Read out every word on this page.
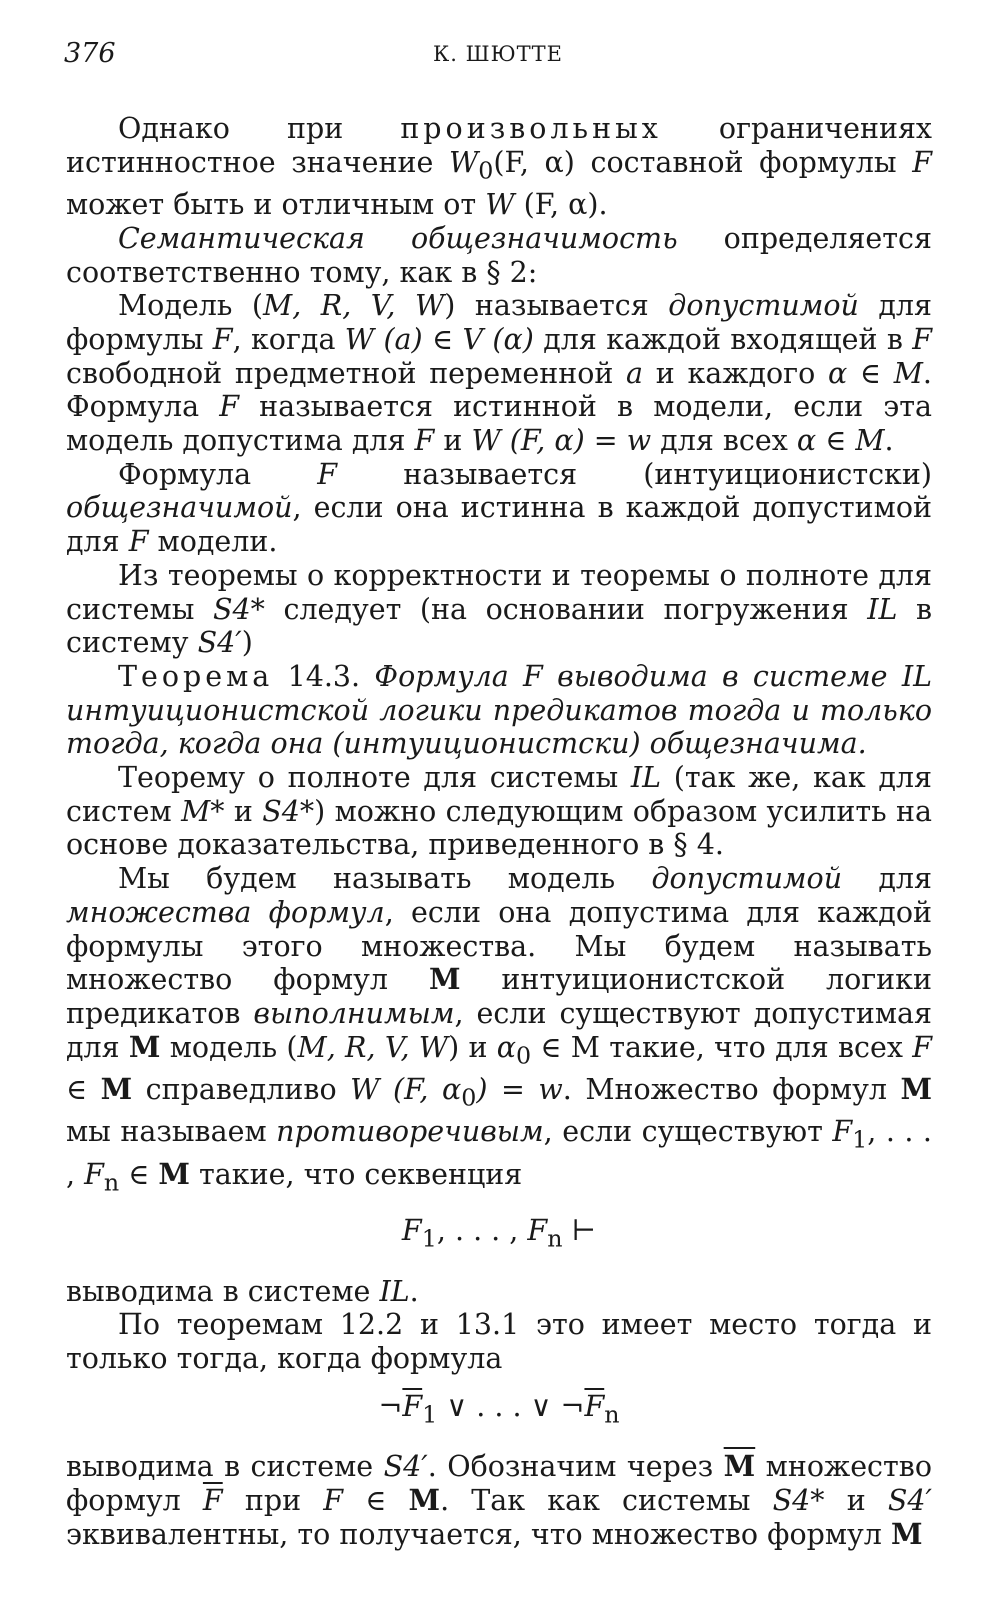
376	К. ШЮТТЕ

Однако при произвольных ограничениях истинностное значение $W_0(F$, α) составной формулы F может быть и отличным от W (F, α).

Семантическая общезначимость определяется соответственно тому, как в § 2:

Модель (M, R, V, W) называется допустимой для формулы F, когда W (a) ∈ V (α) для каждой входящей в F свободной предметной переменной a и каждого α ∈ M. Формула F называется истинной в модели, если эта модель допустима для F и W (F, α) = w для всех α ∈ M.

Формула F называется (интуиционистски) общезначимой, если она истинна в каждой допустимой для F модели.

Из теоремы о корректности и теоремы о полноте для системы S4* следует (на основании погружения IL в систему S4′)

Теорема 14.3. Формула F выводима в системе IL интуиционистской логики предикатов тогда и только тогда, когда она (интуиционистски) общезначима.

Теорему о полноте для системы IL (так же, как для систем M* и S4*) можно следующим образом усилить на основе доказательства, приведенного в § 4.

Мы будем называть модель допустимой для множества формул, если она допустима для каждой формулы этого множества. Мы будем называть множество формул M интуиционистской логики предикатов выполнимым, если существуют допустимая для M модель (M, R, V, W) и $\alpha_0$ ∈ M такие, что для всех F ∈ M справедливо W (F, $\alpha_0) = w$. Множество формул M мы называем противоречивым, если существуют $F_1$, . . . , $F_n$ ∈ M такие, что секвенция

$F_1$, . . . , $F_n$ ⊢

выводима в системе IL.

По теоремам 12.2 и 13.1 это имеет место тогда и только тогда, когда формула

$\neg\overline{F}_1$ ∨ . . . ∨ $\neg\overline{F}_n$

выводима в системе S4′. Обозначим через $\overline{M}$ множество формул $\overline{F}$ при F ∈ M. Так как системы S4* и S4′ эквивалентны, то получается, что множество формул M
